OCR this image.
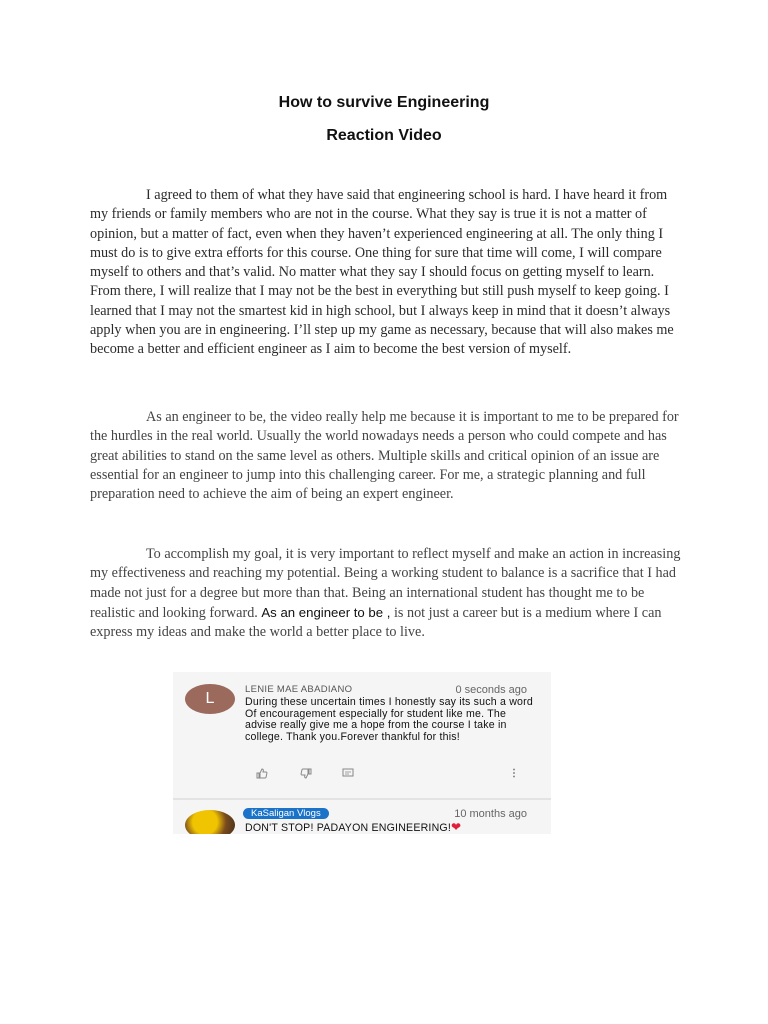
How to survive Engineering
Reaction Video
I agreed to them of what they have said that engineering school is hard. I have heard it from my friends or family members who are not in the course. What they say is true it is not a matter of opinion, but a matter of fact, even when they haven’t experienced engineering at all. The only thing I must do is to give extra efforts for this course. One thing for sure that time will come, I will compare myself to others and that’s valid. No matter what they say I should focus on getting myself to learn. From there, I will realize that I may not be the best in everything but still push myself to keep going. I learned that I may not the smartest kid in high school, but I always keep in mind that it doesn’t always apply when you are in engineering. I’ll step up my game as necessary, because that will also makes me become a better and efficient engineer as I aim to become the best version of myself.
As an engineer to be, the video really help me because it is important to me to be prepared for the hurdles in the real world. Usually the world nowadays needs a person who could compete and has great abilities to stand on the same level as others. Multiple skills and critical opinion of an issue are essential for an engineer to jump into this challenging career. For me, a strategic planning and full preparation need to achieve the aim of being an expert engineer.
To accomplish my goal, it is very important to reflect myself and make an action in increasing my effectiveness and reaching my potential. Being a working student to balance is a sacrifice that I had made not just for a degree but more than that. Being an international student has thought me to be realistic and looking forward. As an engineer to be , is not just a career but is a medium where I can express my ideas and make the world a better place to live.
L
LENIE MAE ABADIANO	0 seconds ago
During these uncertain times I honestly say its such a word Of encouragement especially for student like me. The advise really give me a hope from the course I take in college. Thank you.Forever thankful for this!
⋮
KaSaligan Vlogs	10 months ago
DON'T STOP! PADAYON ENGINEERING!❤
